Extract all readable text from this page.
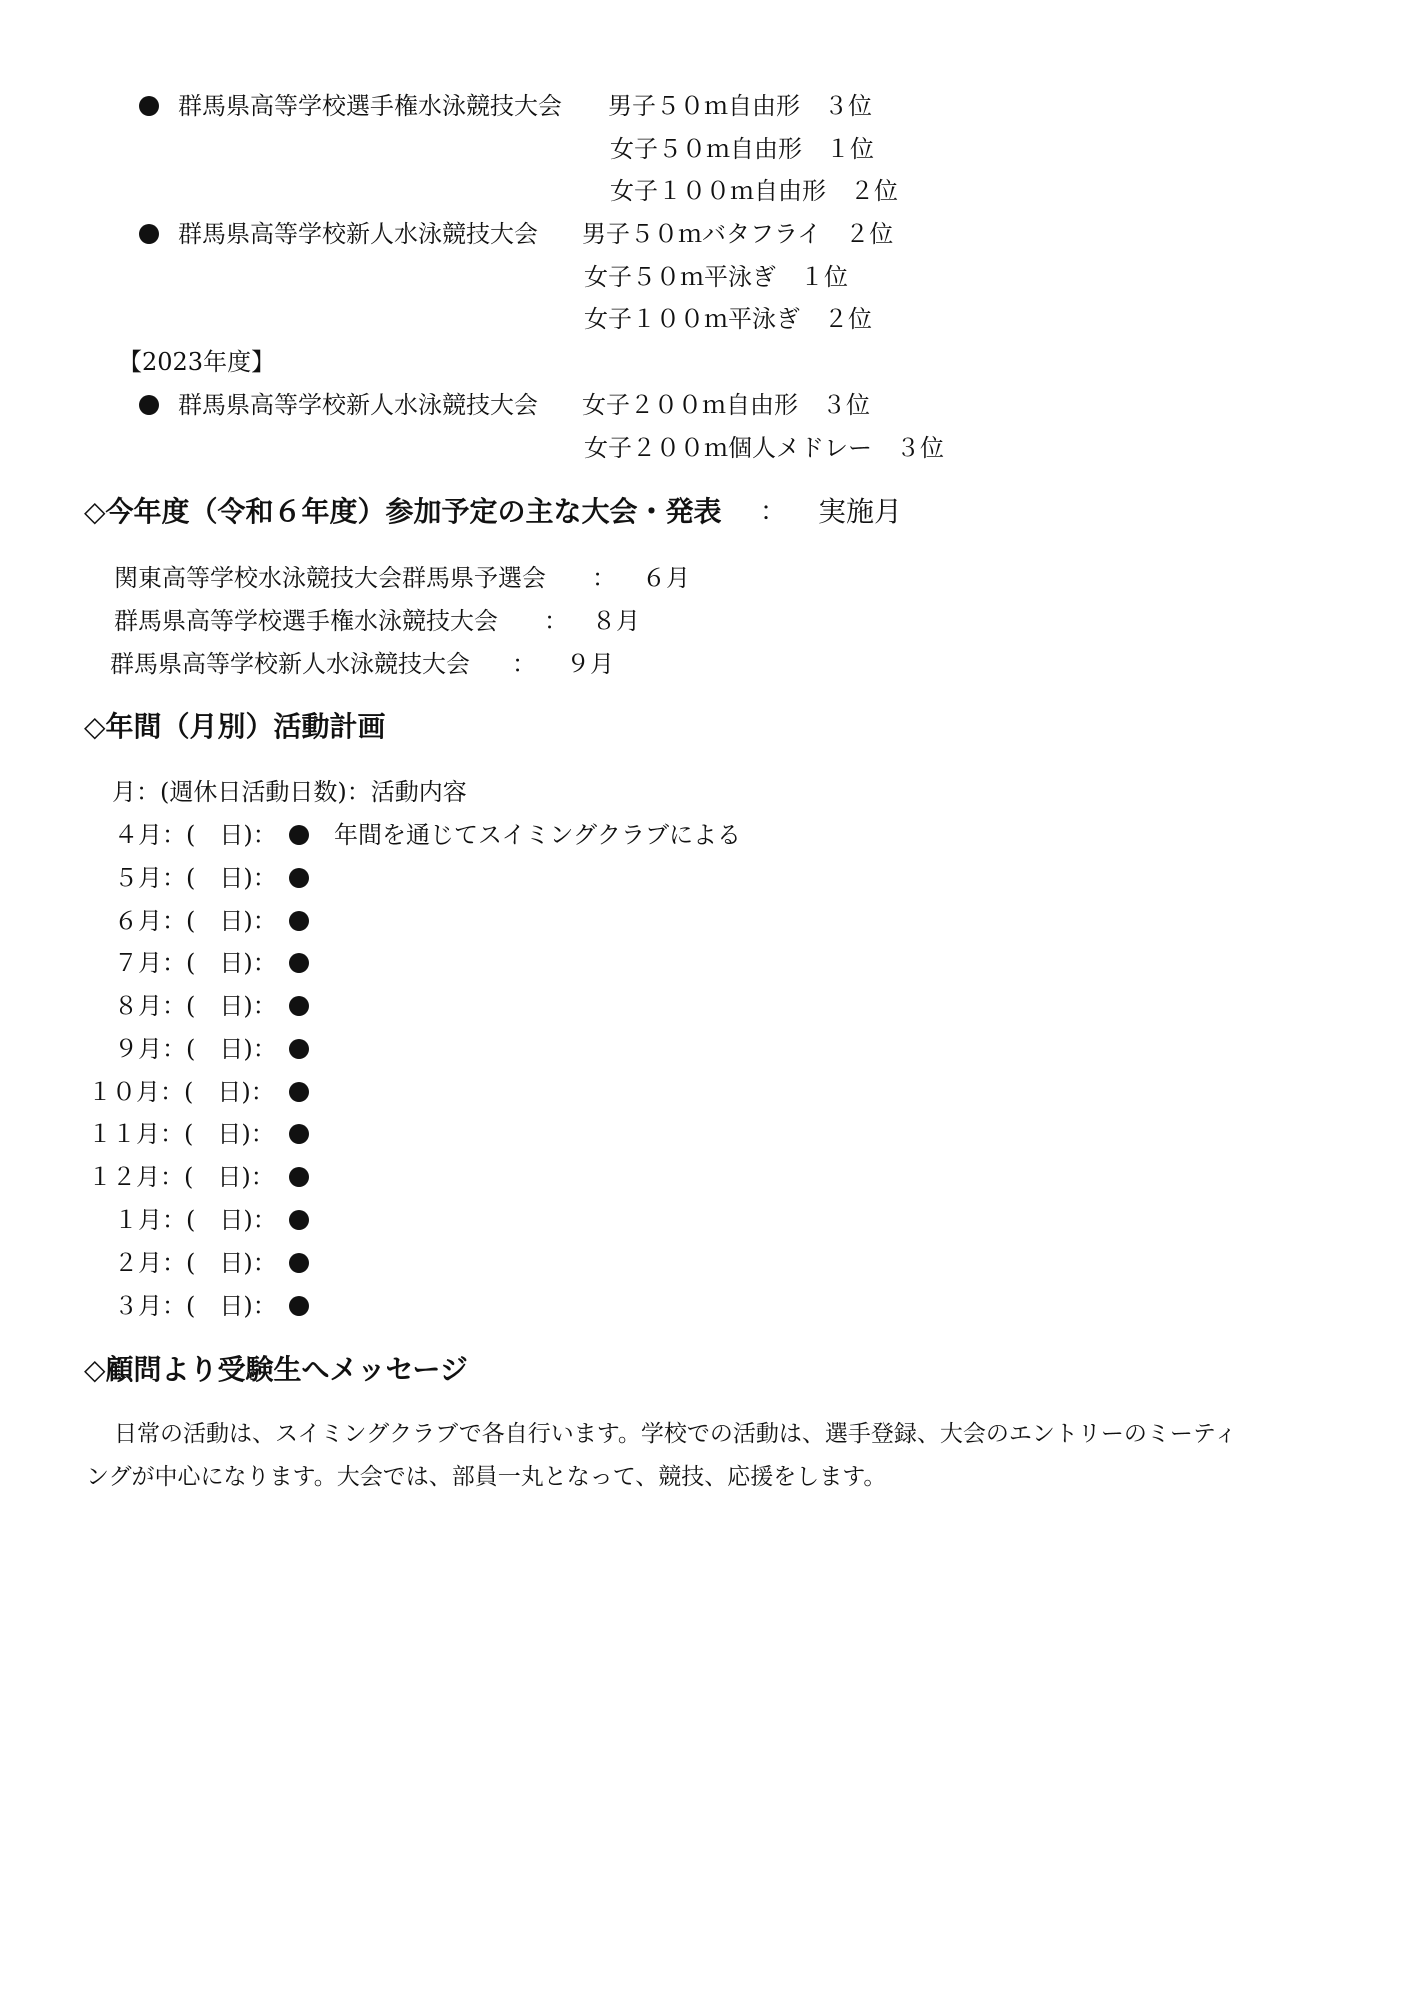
群馬県高等学校選手権水泳競技大会 男子５０ｍ自由形　３位
女子５０ｍ自由形　１位
女子１００ｍ自由形　２位
群馬県高等学校新人水泳競技大会 男子５０ｍバタフライ　２位
女子５０ｍ平泳ぎ　１位
女子１００ｍ平泳ぎ　２位
【2023年度】
群馬県高等学校新人水泳競技大会 女子２００ｍ自由形　３位
女子２００ｍ個人メドレー　３位
◇今年度（令和６年度）参加予定の主な大会・発表 ： 実施月
関東高等学校水泳競技大会群馬県予選会 ： ６月
群馬県高等学校選手権水泳競技大会 ： ８月
群馬県高等学校新人水泳競技大会 ： ９月
◇年間（月別）活動計画
月：(週休日活動日数)：活動内容
４月：(　日)： 年間を通じてスイミングクラブによる
５月：(　日)：
６月：(　日)：
７月：(　日)：
８月：(　日)：
９月：(　日)：
１０月：(　日)：
１１月：(　日)：
１２月：(　日)：
１月：(　日)：
２月：(　日)：
３月：(　日)：
◇顧問より受験生へメッセージ
日常の活動は、スイミングクラブで各自行います。学校での活動は、選手登録、大会のエントリーのミーティ
ングが中心になります。大会では、部員一丸となって、競技、応援をします。
